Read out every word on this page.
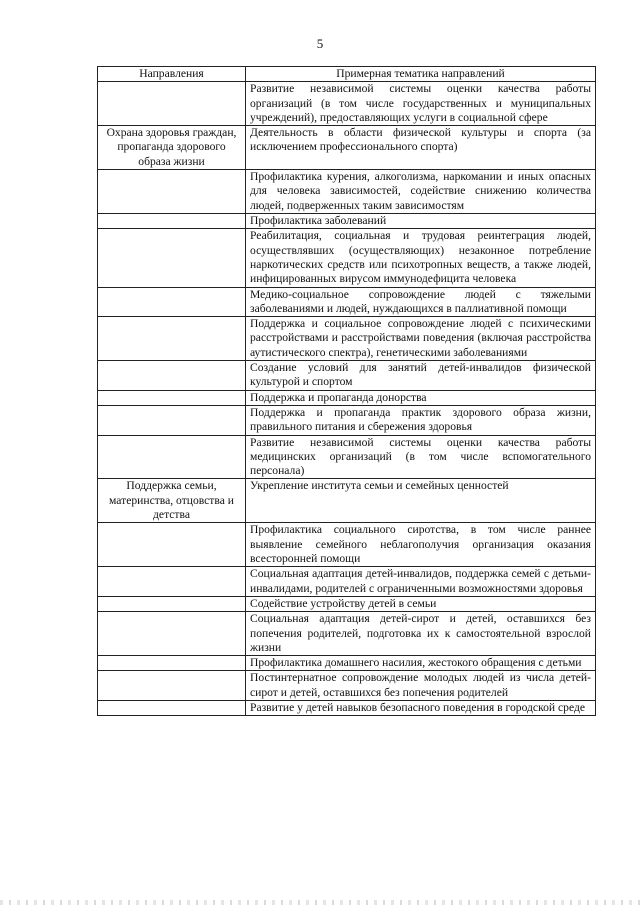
5
Направления	Примерная тематика направлений
	Развитие независимой системы оценки качества работы организаций (в том числе государственных и муниципальных учреждений), предоставляющих услуги в социальной сфере
Охрана здоровья граждан, пропаганда здорового образа жизни	Деятельность в области физической культуры и спорта (за исключением профессионального спорта)
	Профилактика курения, алкоголизма, наркомании и иных опасных для человека зависимостей, содействие снижению количества людей, подверженных таким зависимостям
	Профилактика заболеваний
	Реабилитация, социальная и трудовая реинтеграция людей, осуществлявших (осуществляющих) незаконное потребление наркотических средств или психотропных веществ, а также людей, инфицированных вирусом иммунодефицита человека
	Медико-социальное сопровождение людей с тяжелыми заболеваниями и людей, нуждающихся в паллиативной помощи
	Поддержка и социальное сопровождение людей с психическими расстройствами и расстройствами поведения (включая расстройства аутистического спектра), генетическими заболеваниями
	Создание условий для занятий детей-инвалидов физической культурой и спортом
	Поддержка и пропаганда донорства
	Поддержка и пропаганда практик здорового образа жизни, правильного питания и сбережения здоровья
	Развитие независимой системы оценки качества работы медицинских организаций (в том числе вспомогательного персонала)
Поддержка семьи, материнства, отцовства и детства	Укрепление института семьи и семейных ценностей
	Профилактика социального сиротства, в том числе раннее выявление семейного неблагополучия организация оказания всесторонней помощи
	Социальная адаптация детей-инвалидов, поддержка семей с детьми-инвалидами, родителей с ограниченными возможностями здоровья
	Содействие устройству детей в семьи
	Социальная адаптация детей-сирот и детей, оставшихся без попечения родителей, подготовка их к самостоятельной взрослой жизни
	Профилактика домашнего насилия, жестокого обращения с детьми
	Постинтернатное сопровождение молодых людей из числа детей-сирот и детей, оставшихся без попечения родителей
	Развитие у детей навыков безопасного поведения в городской среде
